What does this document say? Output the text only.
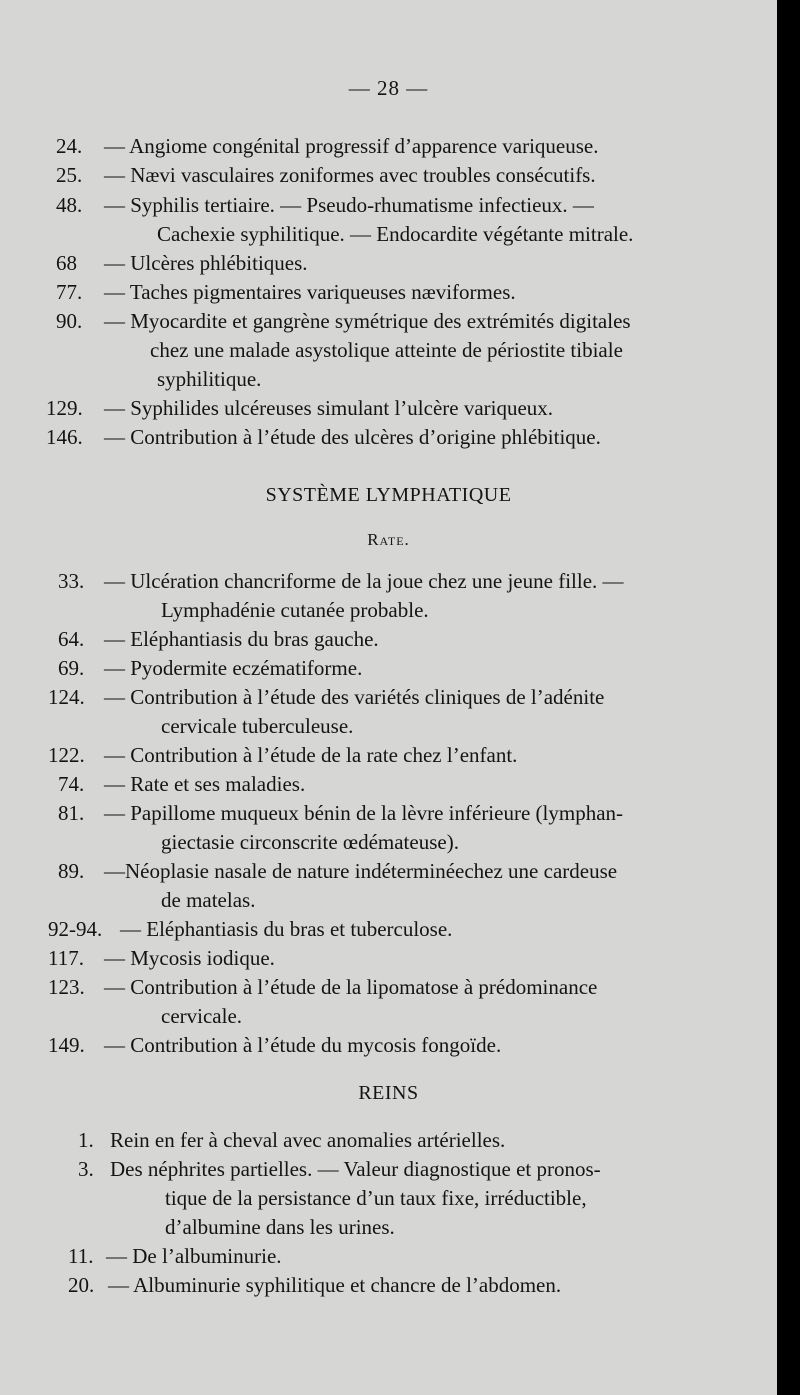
— 28 —
24. — Angiome congénital progressif d’apparence variqueuse.
25. — Nævi vasculaires zoniformes avec troubles consécutifs.
48. — Syphilis tertiaire. — Pseudo-rhumatisme infectieux. —
Cachexie syphilitique. — Endocardite végétante mitrale.
68 — Ulcères phlébitiques.
77. — Taches pigmentaires variqueuses næviformes.
90. — Myocardite et gangrène symétrique des extrémités digitales
chez une malade asystolique atteinte de périostite tibiale
syphilitique.
129. — Syphilides ulcéreuses simulant l’ulcère variqueux.
146. — Contribution à l’étude des ulcères d’origine phlébitique.
SYSTÈME LYMPHATIQUE
Rate.
33. — Ulcération chancriforme de la joue chez une jeune fille. —
Lymphadénie cutanée probable.
64. — Eléphantiasis du bras gauche.
69. — Pyodermite eczématiforme.
124. — Contribution à l’étude des variétés cliniques de l’adénite
cervicale tuberculeuse.
122. — Contribution à l’étude de la rate chez l’enfant.
74. — Rate et ses maladies.
81. — Papillome muqueux bénin de la lèvre inférieure (lymphan-
giectasie circonscrite œdémateuse).
89. —Néoplasie nasale de nature indéterminéechez une cardeuse
de matelas.
92-94. — Eléphantiasis du bras et tuberculose.
117. — Mycosis iodique.
123. — Contribution à l’étude de la lipomatose à prédominance
cervicale.
149. — Contribution à l’étude du mycosis fongoïde.
REINS
1. Rein en fer à cheval avec anomalies artérielles.
3. Des néphrites partielles. — Valeur diagnostique et pronos-
tique de la persistance d’un taux fixe, irréductible,
d’albumine dans les urines.
11. — De l’albuminurie.
20. — Albuminurie syphilitique et chancre de l’abdomen.
